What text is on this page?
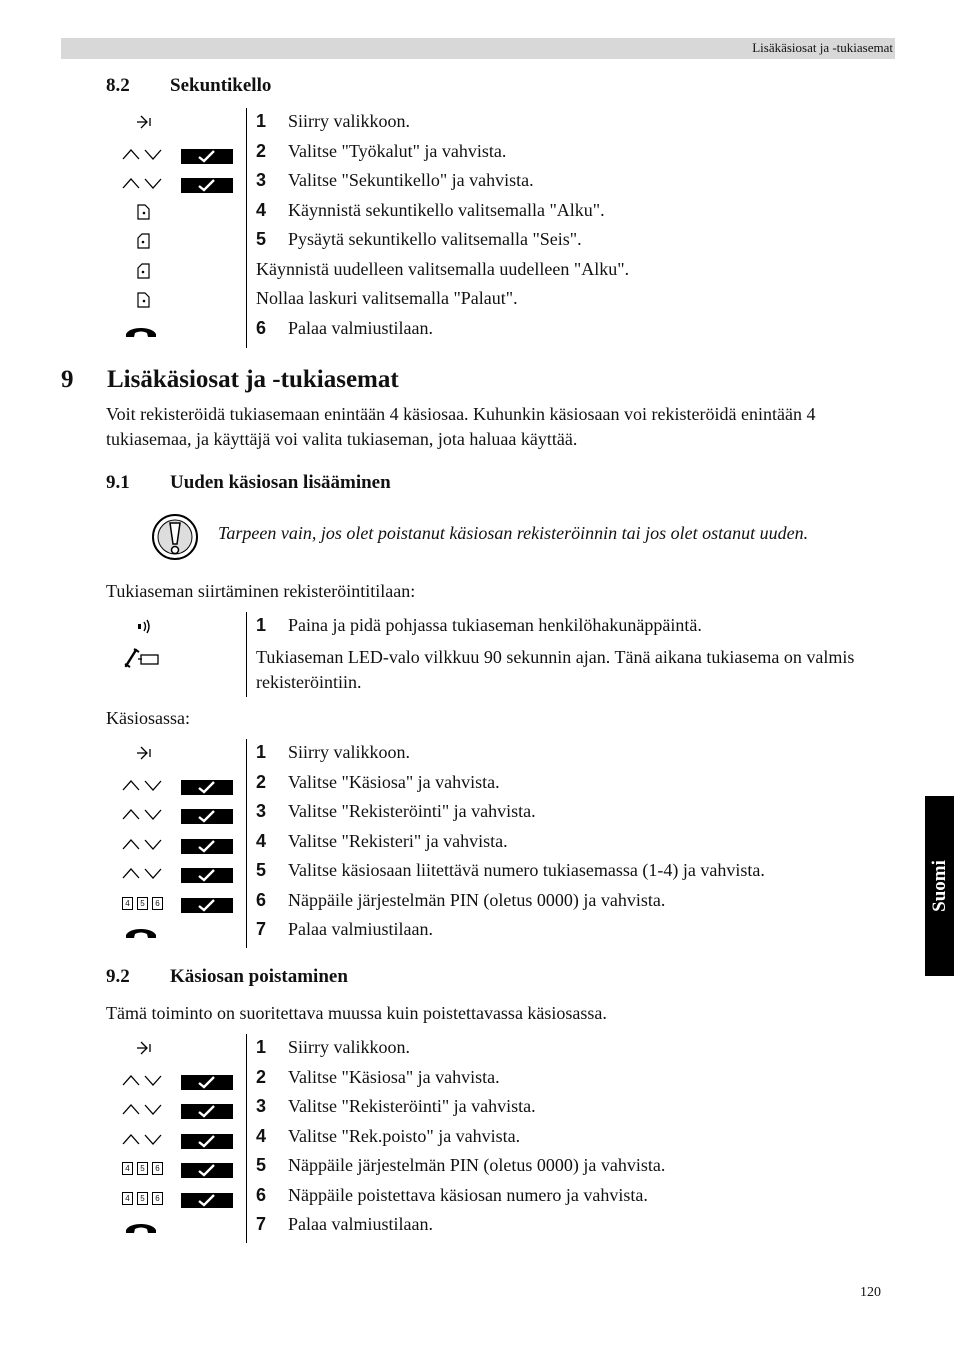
Lisäkäsiosat ja -tukiasemat
Suomi
8.2 Sekuntikello
1 Siirry valikkoon.
2 Valitse "Työkalut" ja vahvista.
3 Valitse "Sekuntikello" ja vahvista.
4 Käynnistä sekuntikello valitsemalla "Alku".
5 Pysäytä sekuntikello valitsemalla "Seis".
Käynnistä uudelleen valitsemalla uudelleen "Alku".
Nollaa laskuri valitsemalla "Palaut".
6 Palaa valmiustilaan.
9 Lisäkäsiosat ja -tukiasemat
Voit rekisteröidä tukiasemaan enintään 4 käsiosaa. Kuhunkin käsiosaan voi rekisteröidä enintään 4 tukiasemaa, ja käyttäjä voi valita tukiaseman, jota haluaa käyttää.
9.1 Uuden käsiosan lisääminen
Tarpeen vain, jos olet poistanut käsiosan rekisteröinnin tai jos olet ostanut uuden.
Tukiaseman siirtäminen rekisteröintitilaan:
1 Paina ja pidä pohjassa tukiaseman henkilöhakunäppäintä.
Tukiaseman LED-valo vilkkuu 90 sekunnin ajan. Tänä aikana tukiasema on valmis rekisteröintiin.
Käsiosassa:
1 Siirry valikkoon.
2 Valitse "Käsiosa" ja vahvista.
3 Valitse "Rekisteröinti" ja vahvista.
4 Valitse "Rekisteri" ja vahvista.
5 Valitse käsiosaan liitettävä numero tukiasemassa (1-4) ja vahvista.
4	5	6	6 Näppäile järjestelmän PIN (oletus 0000) ja vahvista.
7 Palaa valmiustilaan.
9.2 Käsiosan poistaminen
Tämä toiminto on suoritettava muussa kuin poistettavassa käsiosassa.
1 Siirry valikkoon.
2 Valitse "Käsiosa" ja vahvista.
3 Valitse "Rekisteröinti" ja vahvista.
4 Valitse "Rek.poisto" ja vahvista.
4	5	6	5 Näppäile järjestelmän PIN (oletus 0000) ja vahvista.
4	5	6	6 Näppäile poistettava käsiosan numero ja vahvista.
7 Palaa valmiustilaan.
120
